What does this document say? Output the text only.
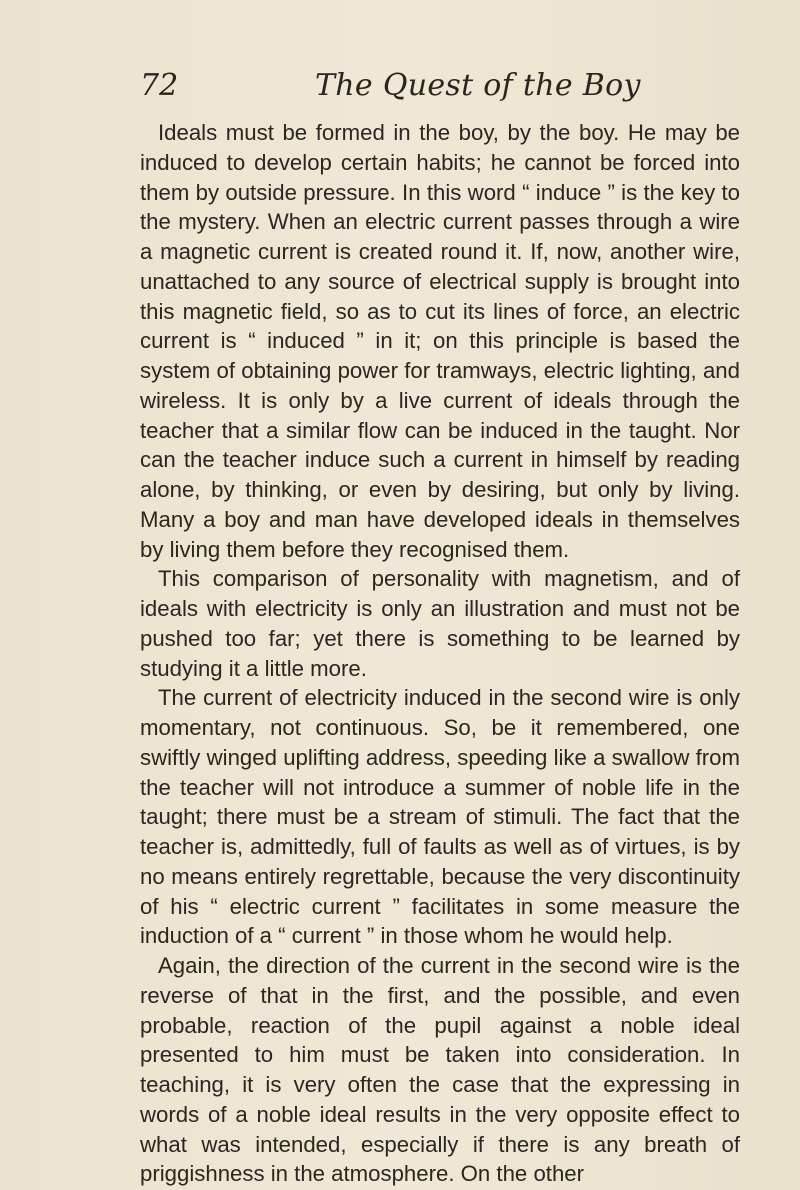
72	The Quest of the Boy

Ideals must be formed in the boy, by the boy. He may be induced to develop certain habits; he cannot be forced into them by outside pressure. In this word “ induce ” is the key to the mystery. When an electric current passes through a wire a magnetic current is created round it. If, now, another wire, unattached to any source of electrical supply is brought into this magnetic field, so as to cut its lines of force, an electric current is “ induced ” in it; on this principle is based the system of obtaining power for tramways, electric lighting, and wireless. It is only by a live current of ideals through the teacher that a similar flow can be induced in the taught. Nor can the teacher induce such a current in himself by reading alone, by thinking, or even by desiring, but only by living. Many a boy and man have developed ideals in themselves by living them before they recognised them.

This comparison of personality with magnetism, and of ideals with electricity is only an illustration and must not be pushed too far; yet there is something to be learned by studying it a little more.

The current of electricity induced in the second wire is only momentary, not continuous. So, be it remembered, one swiftly winged uplifting address, speeding like a swallow from the teacher will not introduce a summer of noble life in the taught; there must be a stream of stimuli. The fact that the teacher is, admittedly, full of faults as well as of virtues, is by no means entirely regrettable, because the very discontinuity of his “ electric current ” facilitates in some measure the induction of a “ current ” in those whom he would help.

Again, the direction of the current in the second wire is the reverse of that in the first, and the possible, and even probable, reaction of the pupil against a noble ideal presented to him must be taken into consideration. In teaching, it is very often the case that the expressing in words of a noble ideal results in the very opposite effect to what was intended, especially if there is any breath of priggishness in the atmosphere. On the other
